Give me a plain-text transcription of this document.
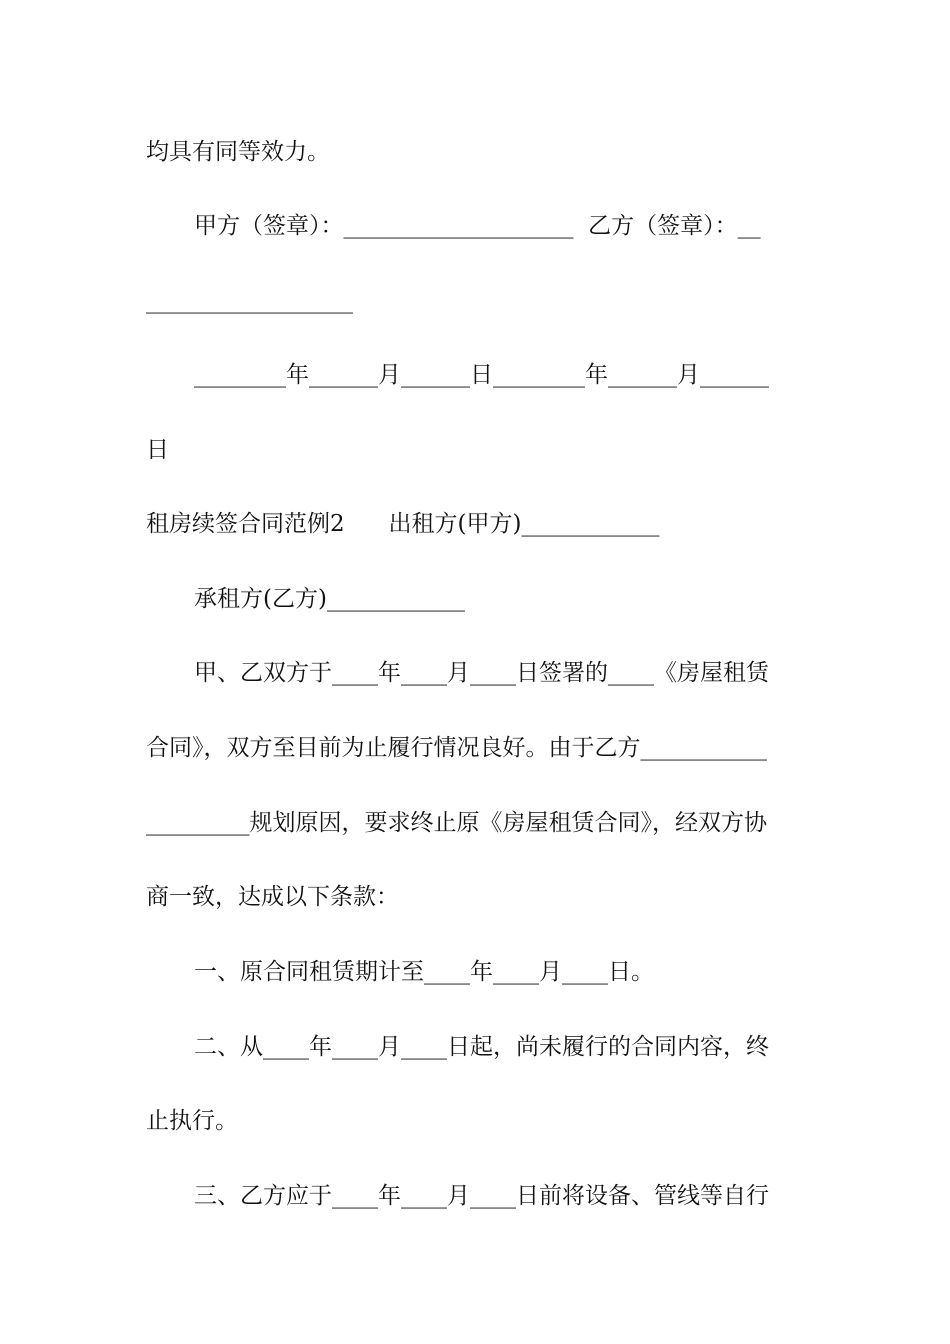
均具有同等效力。
甲方（签章）：____________________  乙方（签章）：__
__________________
________年______月______日________年______月______
日
租房续签合同范例2      出租方(甲方)____________
承租方(乙方)____________
甲、乙双方于____年____月____日签署的____《房屋租赁
合同》，双方至目前为止履行情况良好。由于乙方___________
_________规划原因，要求终止原《房屋租赁合同》，经双方协
商一致，达成以下条款：
一、原合同租赁期计至____年____月____日。
二、从____年____月____日起，尚未履行的合同内容，终
止执行。
三、乙方应于____年____月____日前将设备、管线等自行
